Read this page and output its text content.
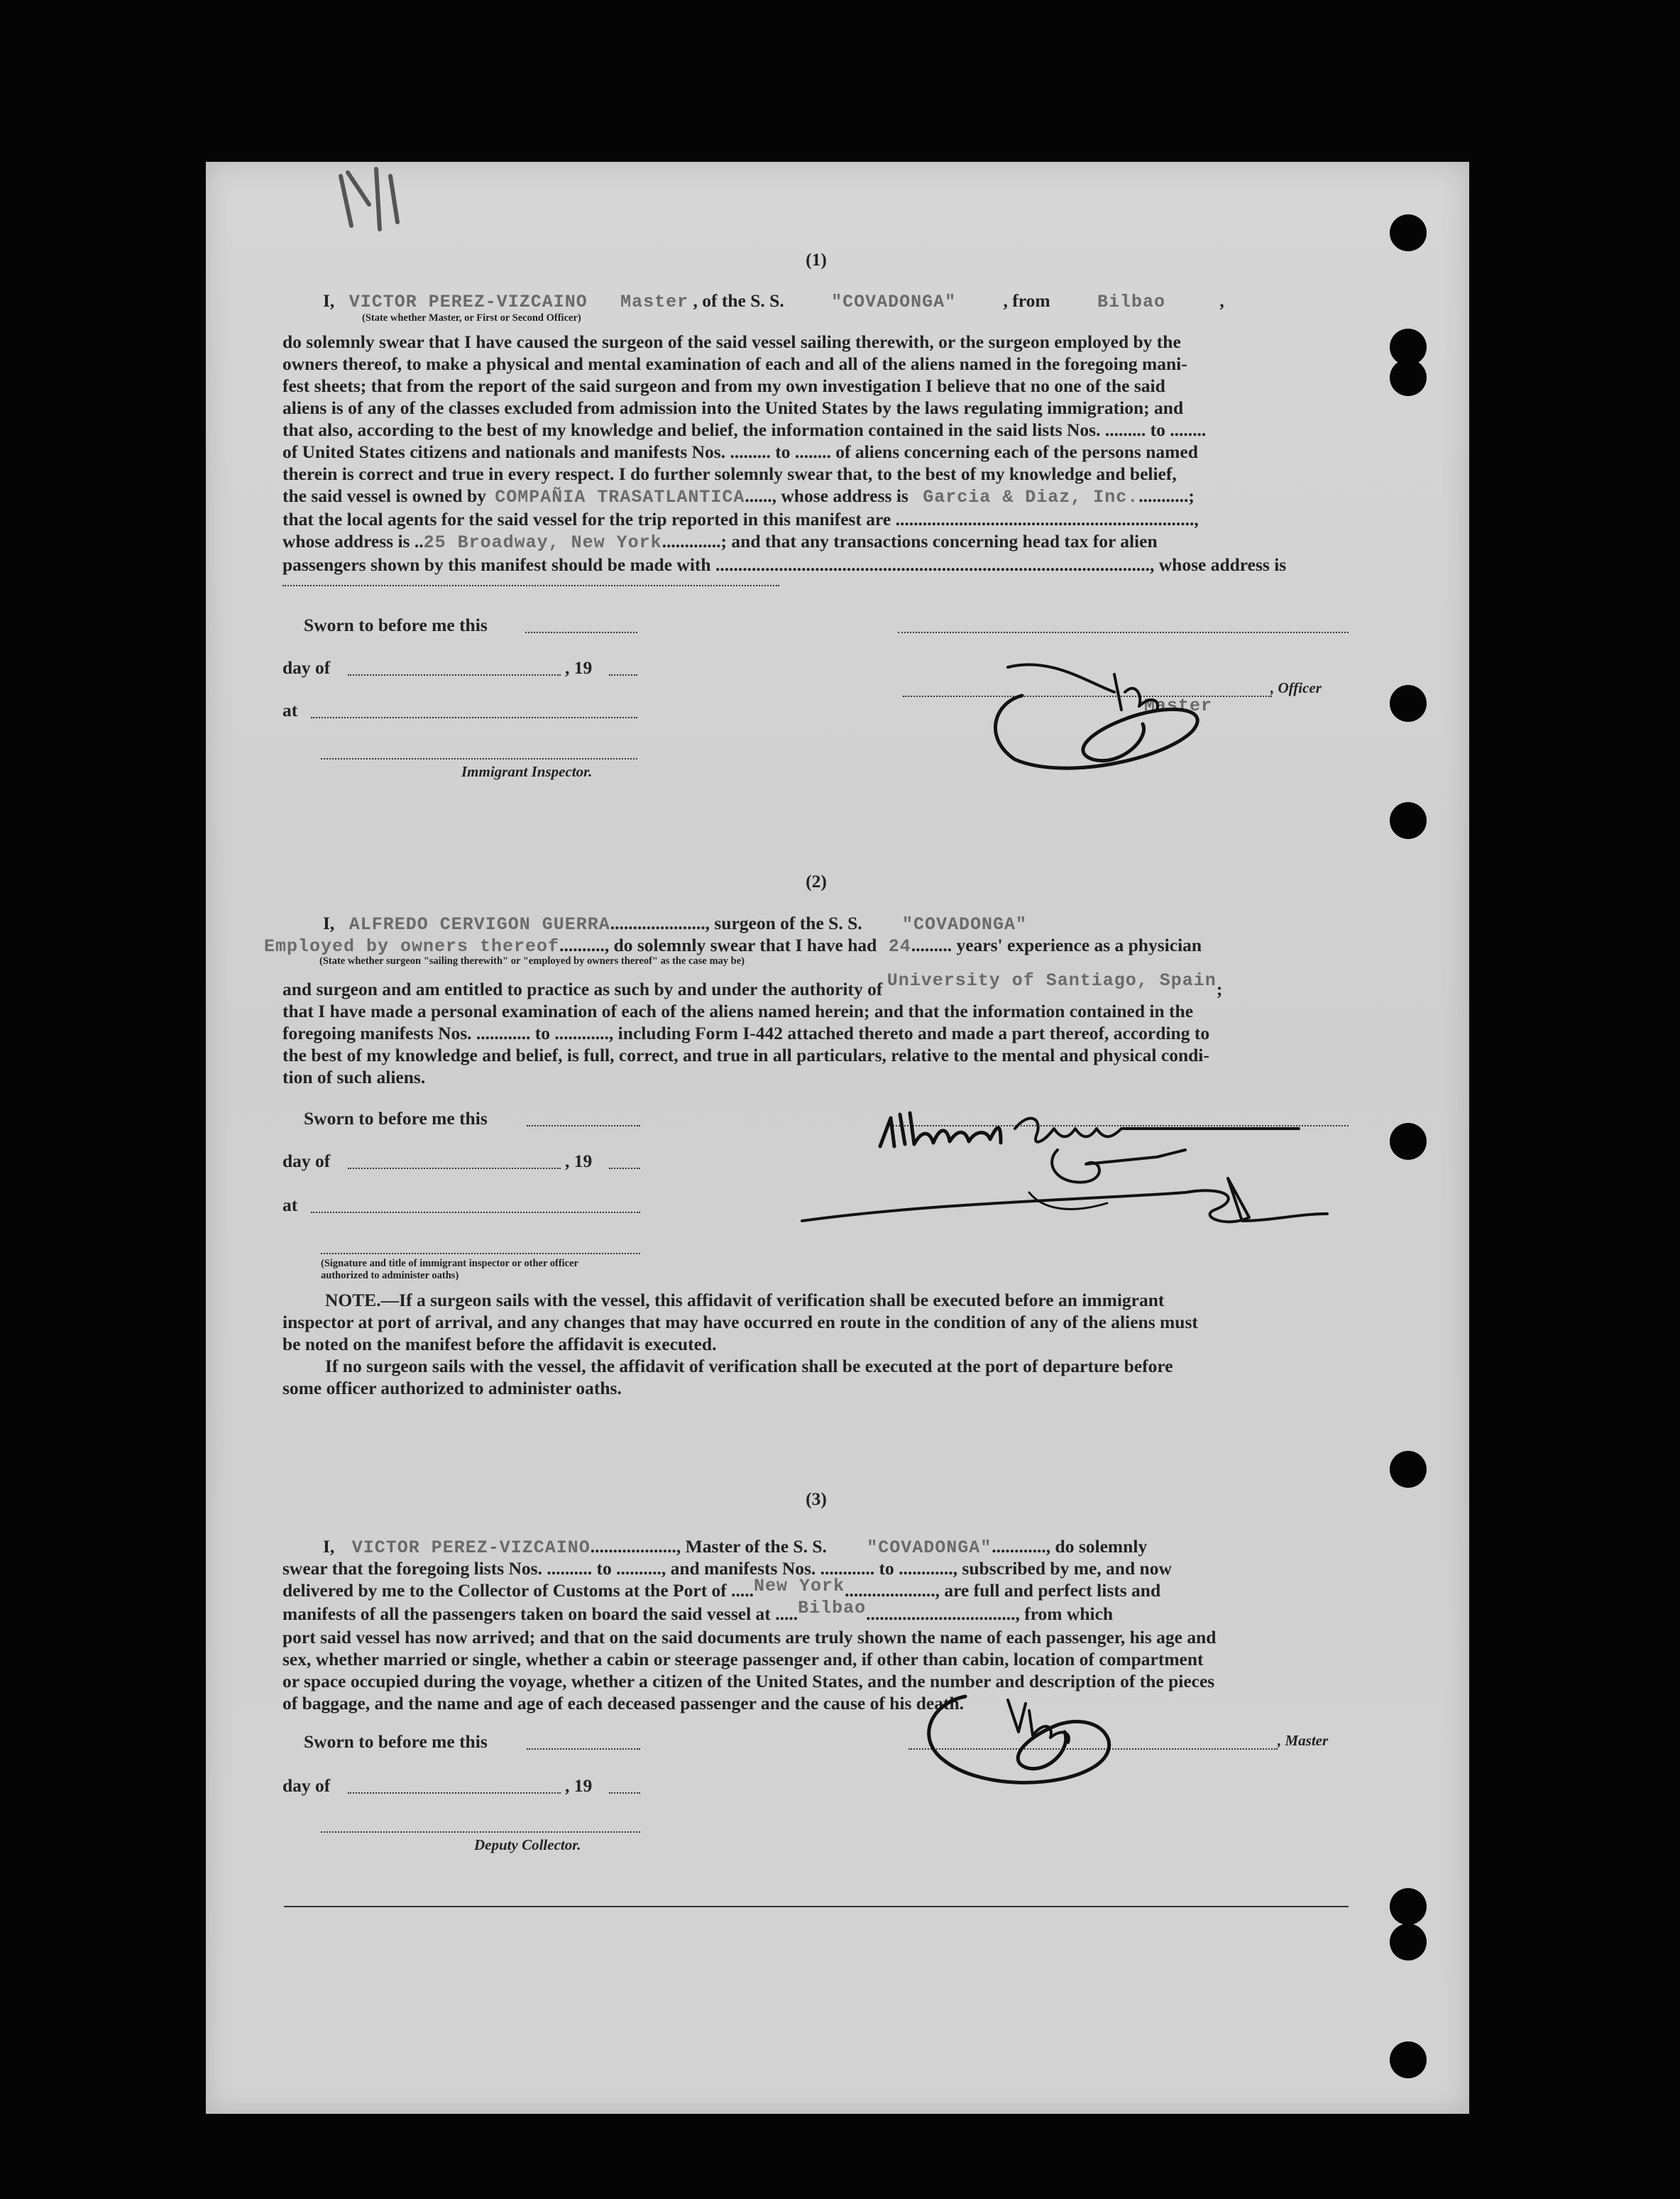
(1)
I, VICTOR PEREZ-VIZCAINO Master , of the S. S.	"COVADONGA"	, from	Bilbao	,
(State whether Master, or First or Second Officer)
do solemnly swear that I have caused the surgeon of the said vessel sailing therewith, or the surgeon employed by the
owners thereof, to make a physical and mental examination of each and all of the aliens named in the foregoing mani-
fest sheets; that from the report of the said surgeon and from my own investigation I believe that no one of the said
aliens is of any of the classes excluded from admission into the United States by the laws regulating immigration; and
that also, according to the best of my knowledge and belief, the information contained in the said lists Nos. ......... to ........
of United States citizens and nationals and manifests Nos. ......... to ........ of aliens concerning each of the persons named
therein is correct and true in every respect. I do further solemnly swear that, to the best of my knowledge and belief,
the said vessel is owned by COMPAÑIA TRASATLANTICA......, whose address is Garcia & Diaz, Inc............;
that the local agents for the said vessel for the trip reported in this manifest are ..................................................................,
whose address is ..25 Broadway, New York.............; and that any transactions concerning head tax for alien
passengers shown by this manifest should be made with ................................................................................................, whose address is
Sworn to before me this
day of	, 19
at
, Officer
Master
Immigrant Inspector.
(2)
I, ALFREDO CERVIGON GUERRA....................., surgeon of the S. S. "COVADONGA"
Employed by owners thereof.........., do solemnly swear that I have had 24......... years' experience as a physician
(State whether surgeon "sailing therewith" or "employed by owners thereof" as the case may be)
and surgeon and am entitled to practice as such by and under the authority of University of Santiago, Spain;
that I have made a personal examination of each of the aliens named herein; and that the information contained in the
foregoing manifests Nos. ............ to ............, including Form I-442 attached thereto and made a part thereof, according to
the best of my knowledge and belief, is full, correct, and true in all particulars, relative to the mental and physical condi-
tion of such aliens.
Sworn to before me this
day of	, 19
at
(Signature and title of immigrant inspector or other officer authorized to administer oaths)
NOTE.—If a surgeon sails with the vessel, this affidavit of verification shall be executed before an immigrant
inspector at port of arrival, and any changes that may have occurred en route in the condition of any of the aliens must
be noted on the manifest before the affidavit is executed.
If no surgeon sails with the vessel, the affidavit of verification shall be executed at the port of departure before
some officer authorized to administer oaths.
(3)
I, VICTOR PEREZ-VIZCAINO..................., Master of the S. S. "COVADONGA"............, do solemnly
swear that the foregoing lists Nos. .......... to .........., and manifests Nos. ............ to ............, subscribed by me, and now
delivered by me to the Collector of Customs at the Port of .....New York...................., are full and perfect lists and
manifests of all the passengers taken on board the said vessel at .....Bilbao................................., from which
port said vessel has now arrived; and that on the said documents are truly shown the name of each passenger, his age and
sex, whether married or single, whether a cabin or steerage passenger and, if other than cabin, location of compartment
or space occupied during the voyage, whether a citizen of the United States, and the number and description of the pieces
of baggage, and the name and age of each deceased passenger and the cause of his death.
Sworn to before me this	, Master
day of	, 19
Deputy Collector.
